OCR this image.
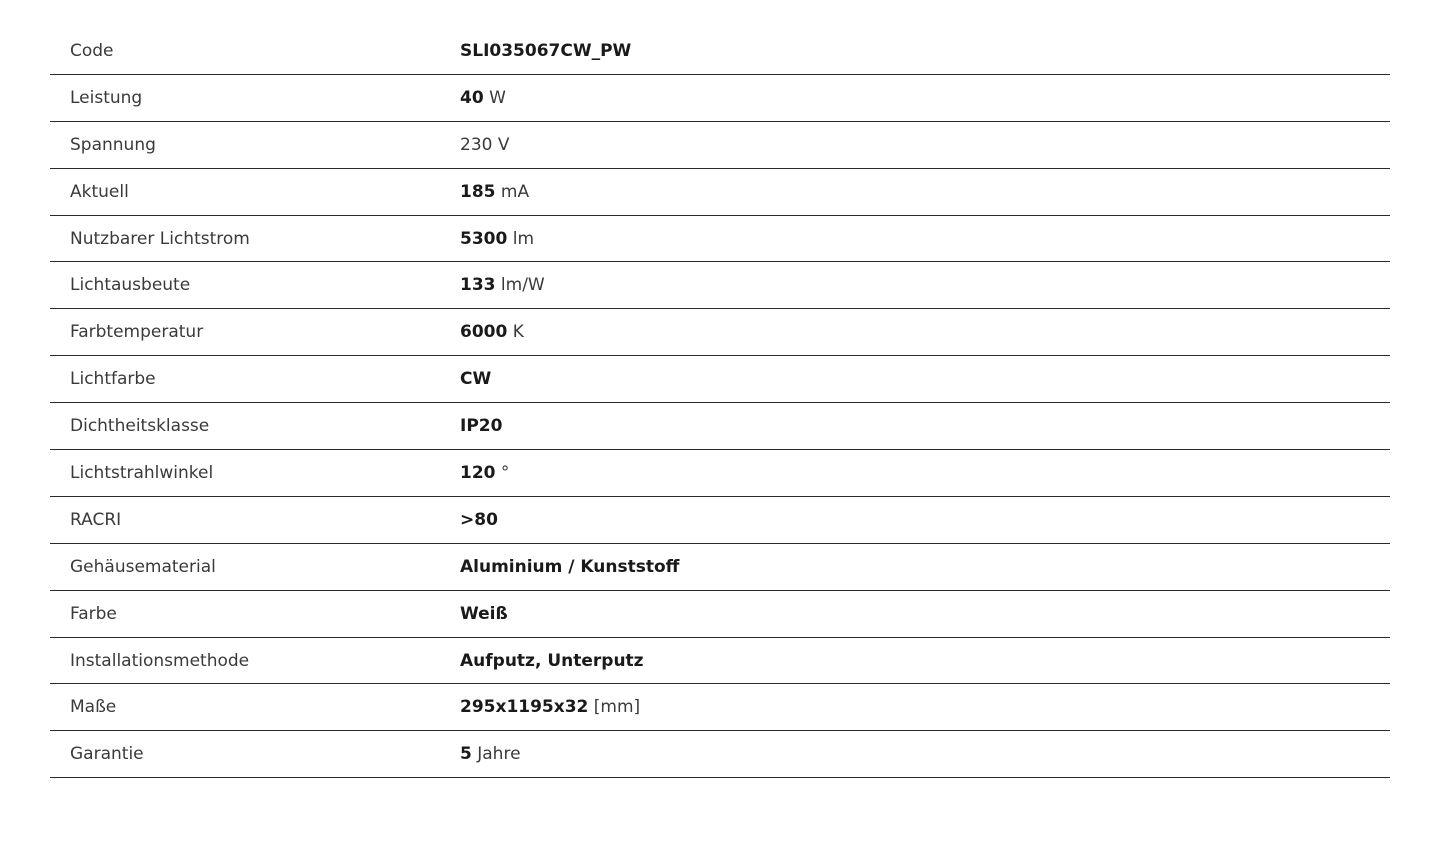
Code	SLI035067CW_PW
Leistung	40 W
Spannung	230 V
Aktuell	185 mA
Nutzbarer Lichtstrom	5300 lm
Lichtausbeute	133 lm/W
Farbtemperatur	6000 K
Lichtfarbe	CW
Dichtheitsklasse	IP20
Lichtstrahlwinkel	120 °
RACRI	>80
Gehäusematerial	Aluminium / Kunststoff
Farbe	Weiß
Installationsmethode	Aufputz, Unterputz
Maße	295x1195x32 [mm]
Garantie	5 Jahre
